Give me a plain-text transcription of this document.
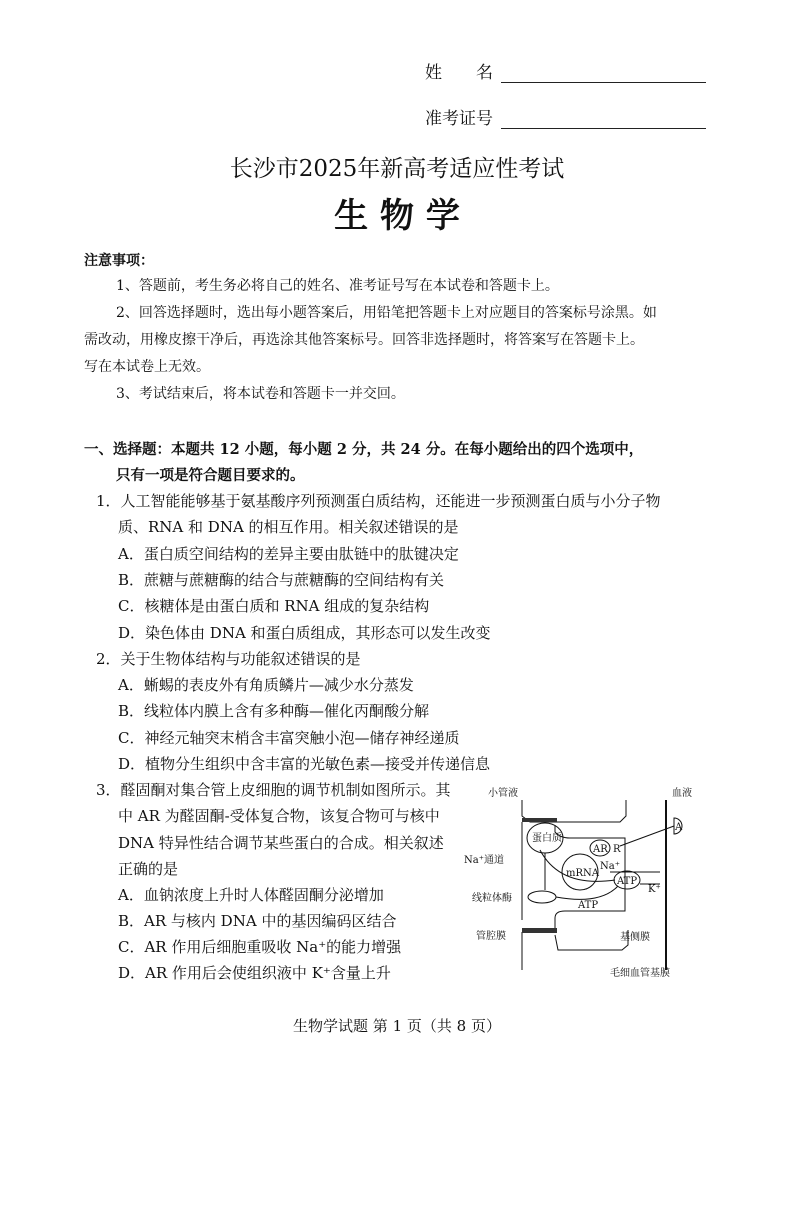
姓　　名
准考证号
长沙市2025年新高考适应性考试
生 物 学
注意事项：
1、答题前，考生务必将自己的姓名、准考证号写在本试卷和答题卡上。
2、回答选择题时，选出每小题答案后，用铅笔把答题卡上对应题目的答案标号涂黑。如
需改动，用橡皮擦干净后，再选涂其他答案标号。回答非选择题时，将答案写在答题卡上。
写在本试卷上无效。
3、考试结束后，将本试卷和答题卡一并交回。
一、选择题：本题共 12 小题，每小题 2 分，共 24 分。在每小题给出的四个选项中，
只有一项是符合题目要求的。
1．人工智能能够基于氨基酸序列预测蛋白质结构，还能进一步预测蛋白质与小分子物
质、RNA 和 DNA 的相互作用。相关叙述错误的是
A．蛋白质空间结构的差异主要由肽链中的肽键决定
B．蔗糖与蔗糖酶的结合与蔗糖酶的空间结构有关
C．核糖体是由蛋白质和 RNA 组成的复杂结构
D．染色体由 DNA 和蛋白质组成，其形态可以发生改变
2．关于生物体结构与功能叙述错误的是
A．蜥蜴的表皮外有角质鳞片—减少水分蒸发
B．线粒体内膜上含有多种酶—催化丙酮酸分解
C．神经元轴突末梢含丰富突触小泡—储存神经递质
D．植物分生组织中含丰富的光敏色素—接受并传递信息
3．醛固酮对集合管上皮细胞的调节机制如图所示。其
中 AR 为醛固酮-受体复合物，该复合物可与核中
DNA 特异性结合调节某些蛋白的合成。相关叙述
正确的是
A．血钠浓度上升时人体醛固酮分泌增加
B．AR 与核内 DNA 中的基因编码区结合
C．AR 作用后细胞重吸收 Na⁺的能力增强
D．AR 作用后会使组织液中 K⁺含量上升
小管液	血液
蛋白质
Na⁺通道
mRNA
AR R
A
Na⁺
K⁺
ATP
线粒体酶
ATP
管腔膜	基侧膜
毛细血管基膜
生物学试题 第 1 页（共 8 页）
